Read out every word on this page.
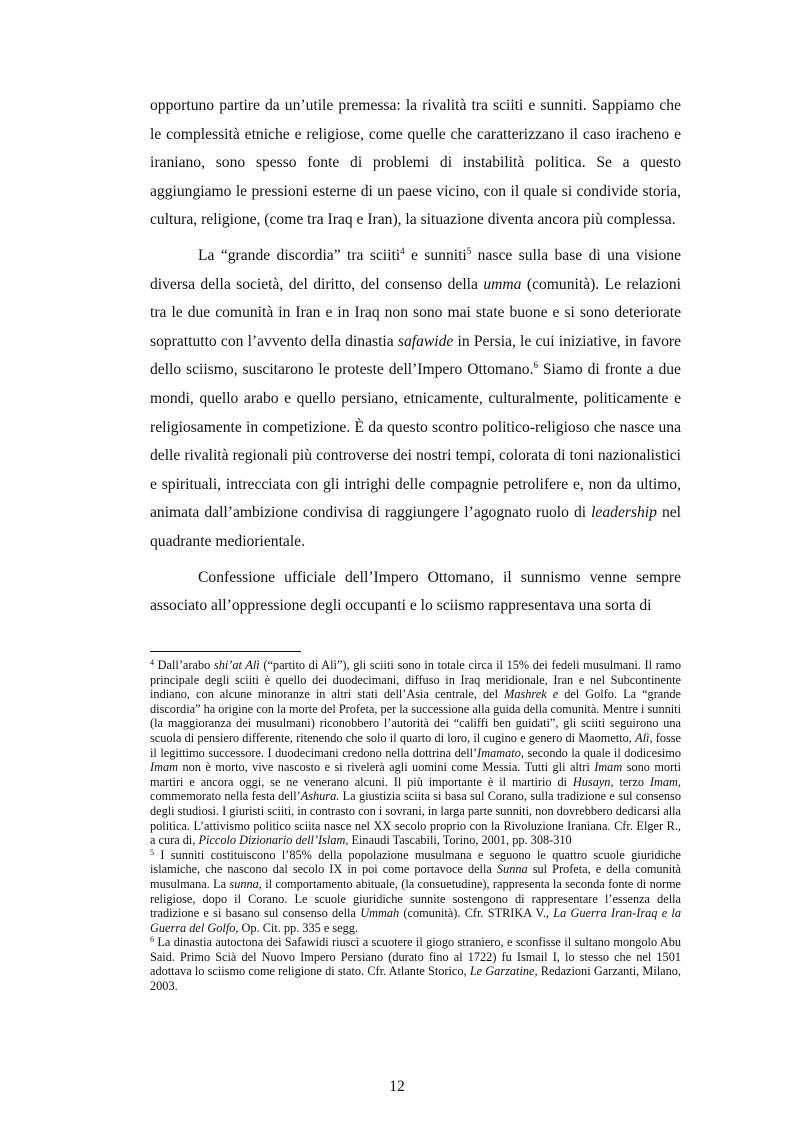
opportuno partire da un’utile premessa: la rivalità tra sciiti e sunniti. Sappiamo che le complessità etniche e religiose, come quelle che caratterizzano il caso iracheno e iraniano, sono spesso fonte di problemi di instabilità politica. Se a questo aggiungiamo le pressioni esterne di un paese vicino, con il quale si condivide storia, cultura, religione, (come tra Iraq e Iran), la situazione diventa ancora più complessa.

La “grande discordia” tra sciiti$^4$ e sunniti$^5$ nasce sulla base di una visione diversa della società, del diritto, del consenso della umma (comunità). Le relazioni tra le due comunità in Iran e in Iraq non sono mai state buone e si sono deteriorate soprattutto con l’avvento della dinastia safawide in Persia, le cui iniziative, in favore dello sciismo, suscitarono le proteste dell’Impero Ottomano.$^6$ Siamo di fronte a due mondi, quello arabo e quello persiano, etnicamente, culturalmente, politicamente e religiosamente in competizione. È da questo scontro politico-religioso che nasce una delle rivalità regionali più controverse dei nostri tempi, colorata di toni nazionalistici e spirituali, intrecciata con gli intrighi delle compagnie petrolifere e, non da ultimo, animata dall’ambizione condivisa di raggiungere l’agognato ruolo di leadership nel quadrante mediorientale.

Confessione ufficiale dell’Impero Ottomano, il sunnismo venne sempre associato all’oppressione degli occupanti e lo sciismo rappresentava una sorta di

$^4$ Dall’arabo shi’at Alì (“partito di Alì”), gli sciiti sono in totale circa il 15% dei fedeli musulmani. Il ramo principale degli sciiti è quello dei duodecimani, diffuso in Iraq meridionale, Iran e nel Subcontinente indiano, con alcune minoranze in altri stati dell’Asia centrale, del Mashrek e del Golfo. La “grande discordia” ha origine con la morte del Profeta, per la successione alla guida della comunità. Mentre i sunniti (la maggioranza dei musulmani) riconobbero l’autorità dei “califfi ben guidati”, gli sciiti seguirono una scuola di pensiero differente, ritenendo che solo il quarto di loro, il cugino e genero di Maometto, Alì, fosse il legittimo successore. I duodecimani credono nella dottrina dell’Imamato, secondo la quale il dodicesimo Imam non è morto, vive nascosto e si rivelerà agli uomini come Messia. Tutti gli altri Imam sono morti martiri e ancora oggi, se ne venerano alcuni. Il più importante è il martirio di Husayn, terzo Imam, commemorato nella festa dell’Ashura. La giustizia sciita si basa sul Corano, sulla tradizione e sul consenso degli studiosi. I giuristi sciiti, in contrasto con i sovrani, in larga parte sunniti, non dovrebbero dedicarsi alla politica. L’attivismo politico sciita nasce nel XX secolo proprio con la Rivoluzione Iraniana. Cfr. Elger R., a cura di, Piccolo Dizionario dell’Islam, Einaudi Tascabili, Torino, 2001, pp. 308-310

$^5$ I sunniti costituiscono l’85% della popolazione musulmana e seguono le quattro scuole giuridiche islamiche, che nascono dal secolo IX in poi come portavoce della Sunna sul Profeta, e della comunità musulmana. La sunna, il comportamento abituale, (la consuetudine), rappresenta la seconda fonte di norme religiose, dopo il Corano. Le scuole giuridiche sunnite sostengono di rappresentare l’essenza della tradizione e si basano sul consenso della Ummah (comunità). Cfr. STRIKA V., La Guerra Iran-Iraq e la Guerra del Golfo, Op. Cit. pp. 335 e segg.

$^6$ La dinastia autoctona dei Safawidi riuscì a scuotere il giogo straniero, e sconfisse il sultano mongolo Abu Said. Primo Scià del Nuovo Impero Persiano (durato fino al 1722) fu Ismail I, lo stesso che nel 1501 adottava lo sciismo come religione di stato. Cfr. Atlante Storico, Le Garzatine, Redazioni Garzanti, Milano, 2003.

12
